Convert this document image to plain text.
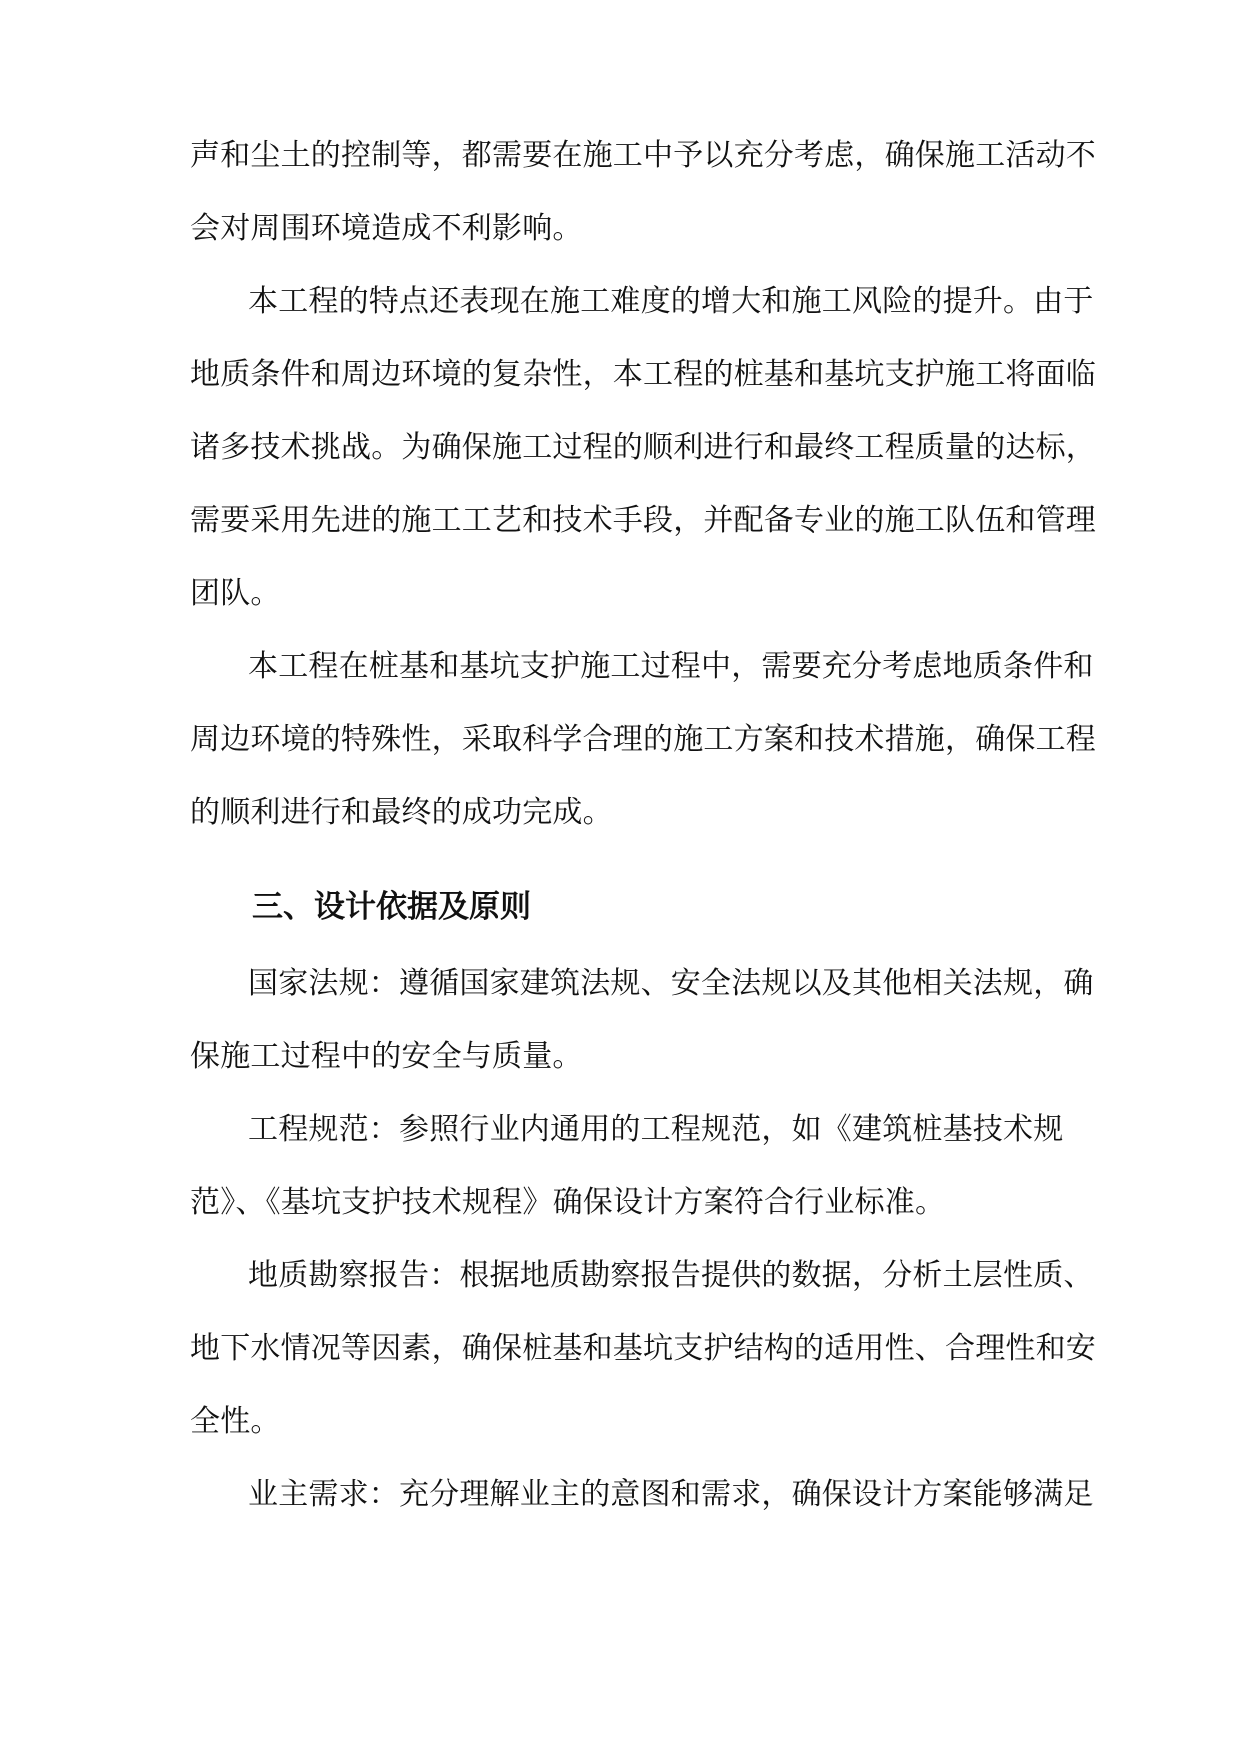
声和尘土的控制等，都需要在施工中予以充分考虑，确保施工活动不
会对周围环境造成不利影响。
本工程的特点还表现在施工难度的增大和施工风险的提升。由于
地质条件和周边环境的复杂性，本工程的桩基和基坑支护施工将面临
诸多技术挑战。为确保施工过程的顺利进行和最终工程质量的达标，
需要采用先进的施工工艺和技术手段，并配备专业的施工队伍和管理
团队。
本工程在桩基和基坑支护施工过程中，需要充分考虑地质条件和
周边环境的特殊性，采取科学合理的施工方案和技术措施，确保工程
的顺利进行和最终的成功完成。
三、设计依据及原则
国家法规：遵循国家建筑法规、安全法规以及其他相关法规，确
保施工过程中的安全与质量。
工程规范：参照行业内通用的工程规范，如《建筑桩基技术规
范》、《基坑支护技术规程》确保设计方案符合行业标准。
地质勘察报告：根据地质勘察报告提供的数据，分析土层性质、
地下水情况等因素，确保桩基和基坑支护结构的适用性、合理性和安
全性。
业主需求：充分理解业主的意图和需求，确保设计方案能够满足
